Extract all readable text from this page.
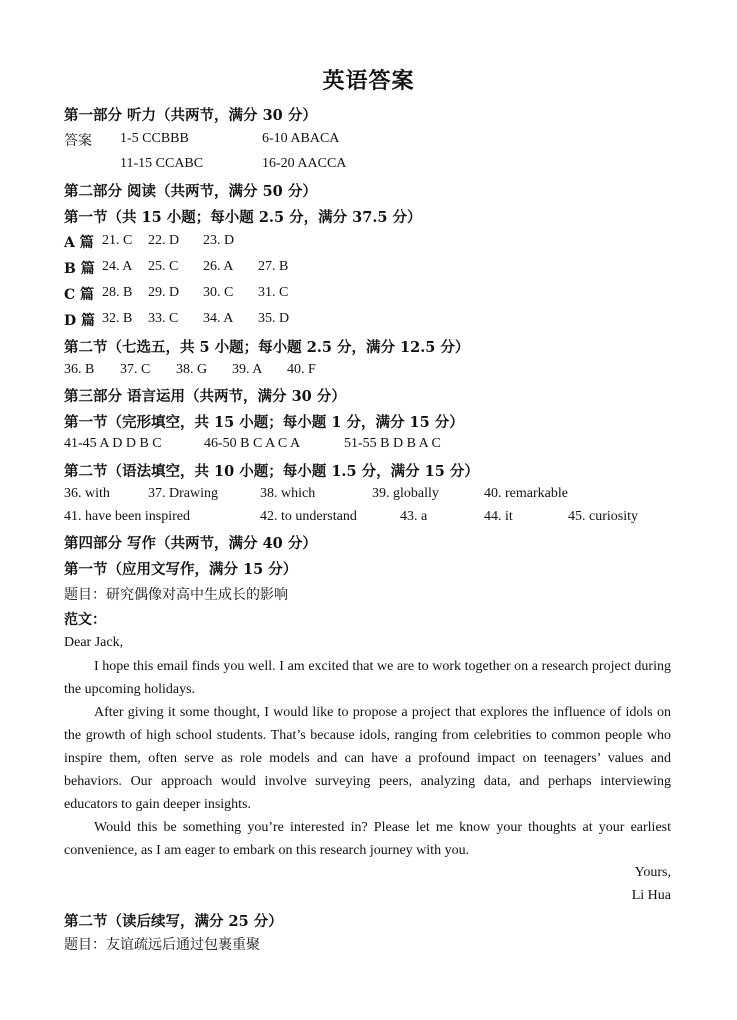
英语答案
第一部分 听力（共两节，满分 30 分）
答案 1-5 CCBBB	6-10 ABACA
11-15 CCABC	16-20 AACCA
第二部分 阅读（共两节，满分 50 分）
第一节（共 15 小题；每小题 2.5 分，满分 37.5 分）
A 篇 21. C 22. D 23. D
B 篇 24. A 25. C 26. A 27. B
C 篇 28. B 29. D 30. C 31. C
D 篇 32. B 33. C 34. A 35. D
第二节（七选五，共 5 小题；每小题 2.5 分，满分 12.5 分）
36. B 37. C 38. G 39. A 40. F
第三部分 语言运用（共两节，满分 30 分）
第一节（完形填空，共 15 小题；每小题 1 分，满分 15 分）
41-45 A D D B C	46-50 B C A C A	51-55 B D B A C
第二节（语法填空，共 10 小题；每小题 1.5 分，满分 15 分）
36. with	37. Drawing	38. which	39. globally	40. remarkable
41. have been inspired	42. to understand	43. a	44. it	45. curiosity
第四部分 写作（共两节，满分 40 分）
第一节（应用文写作，满分 15 分）
题目：研究偶像对高中生成长的影响
范文：
Dear Jack,
I hope this email finds you well. I am excited that we are to work together on a research project during the upcoming holidays.
After giving it some thought, I would like to propose a project that explores the influence of idols on the growth of high school students. That’s because idols, ranging from celebrities to common people who inspire them, often serve as role models and can have a profound impact on teenagers’ values and behaviors. Our approach would involve surveying peers, analyzing data, and perhaps interviewing educators to gain deeper insights.
Would this be something you’re interested in? Please let me know your thoughts at your earliest convenience, as I am eager to embark on this research journey with you.
Yours,
Li Hua
第二节（读后续写，满分 25 分）
题目：友谊疏远后通过包裹重聚
